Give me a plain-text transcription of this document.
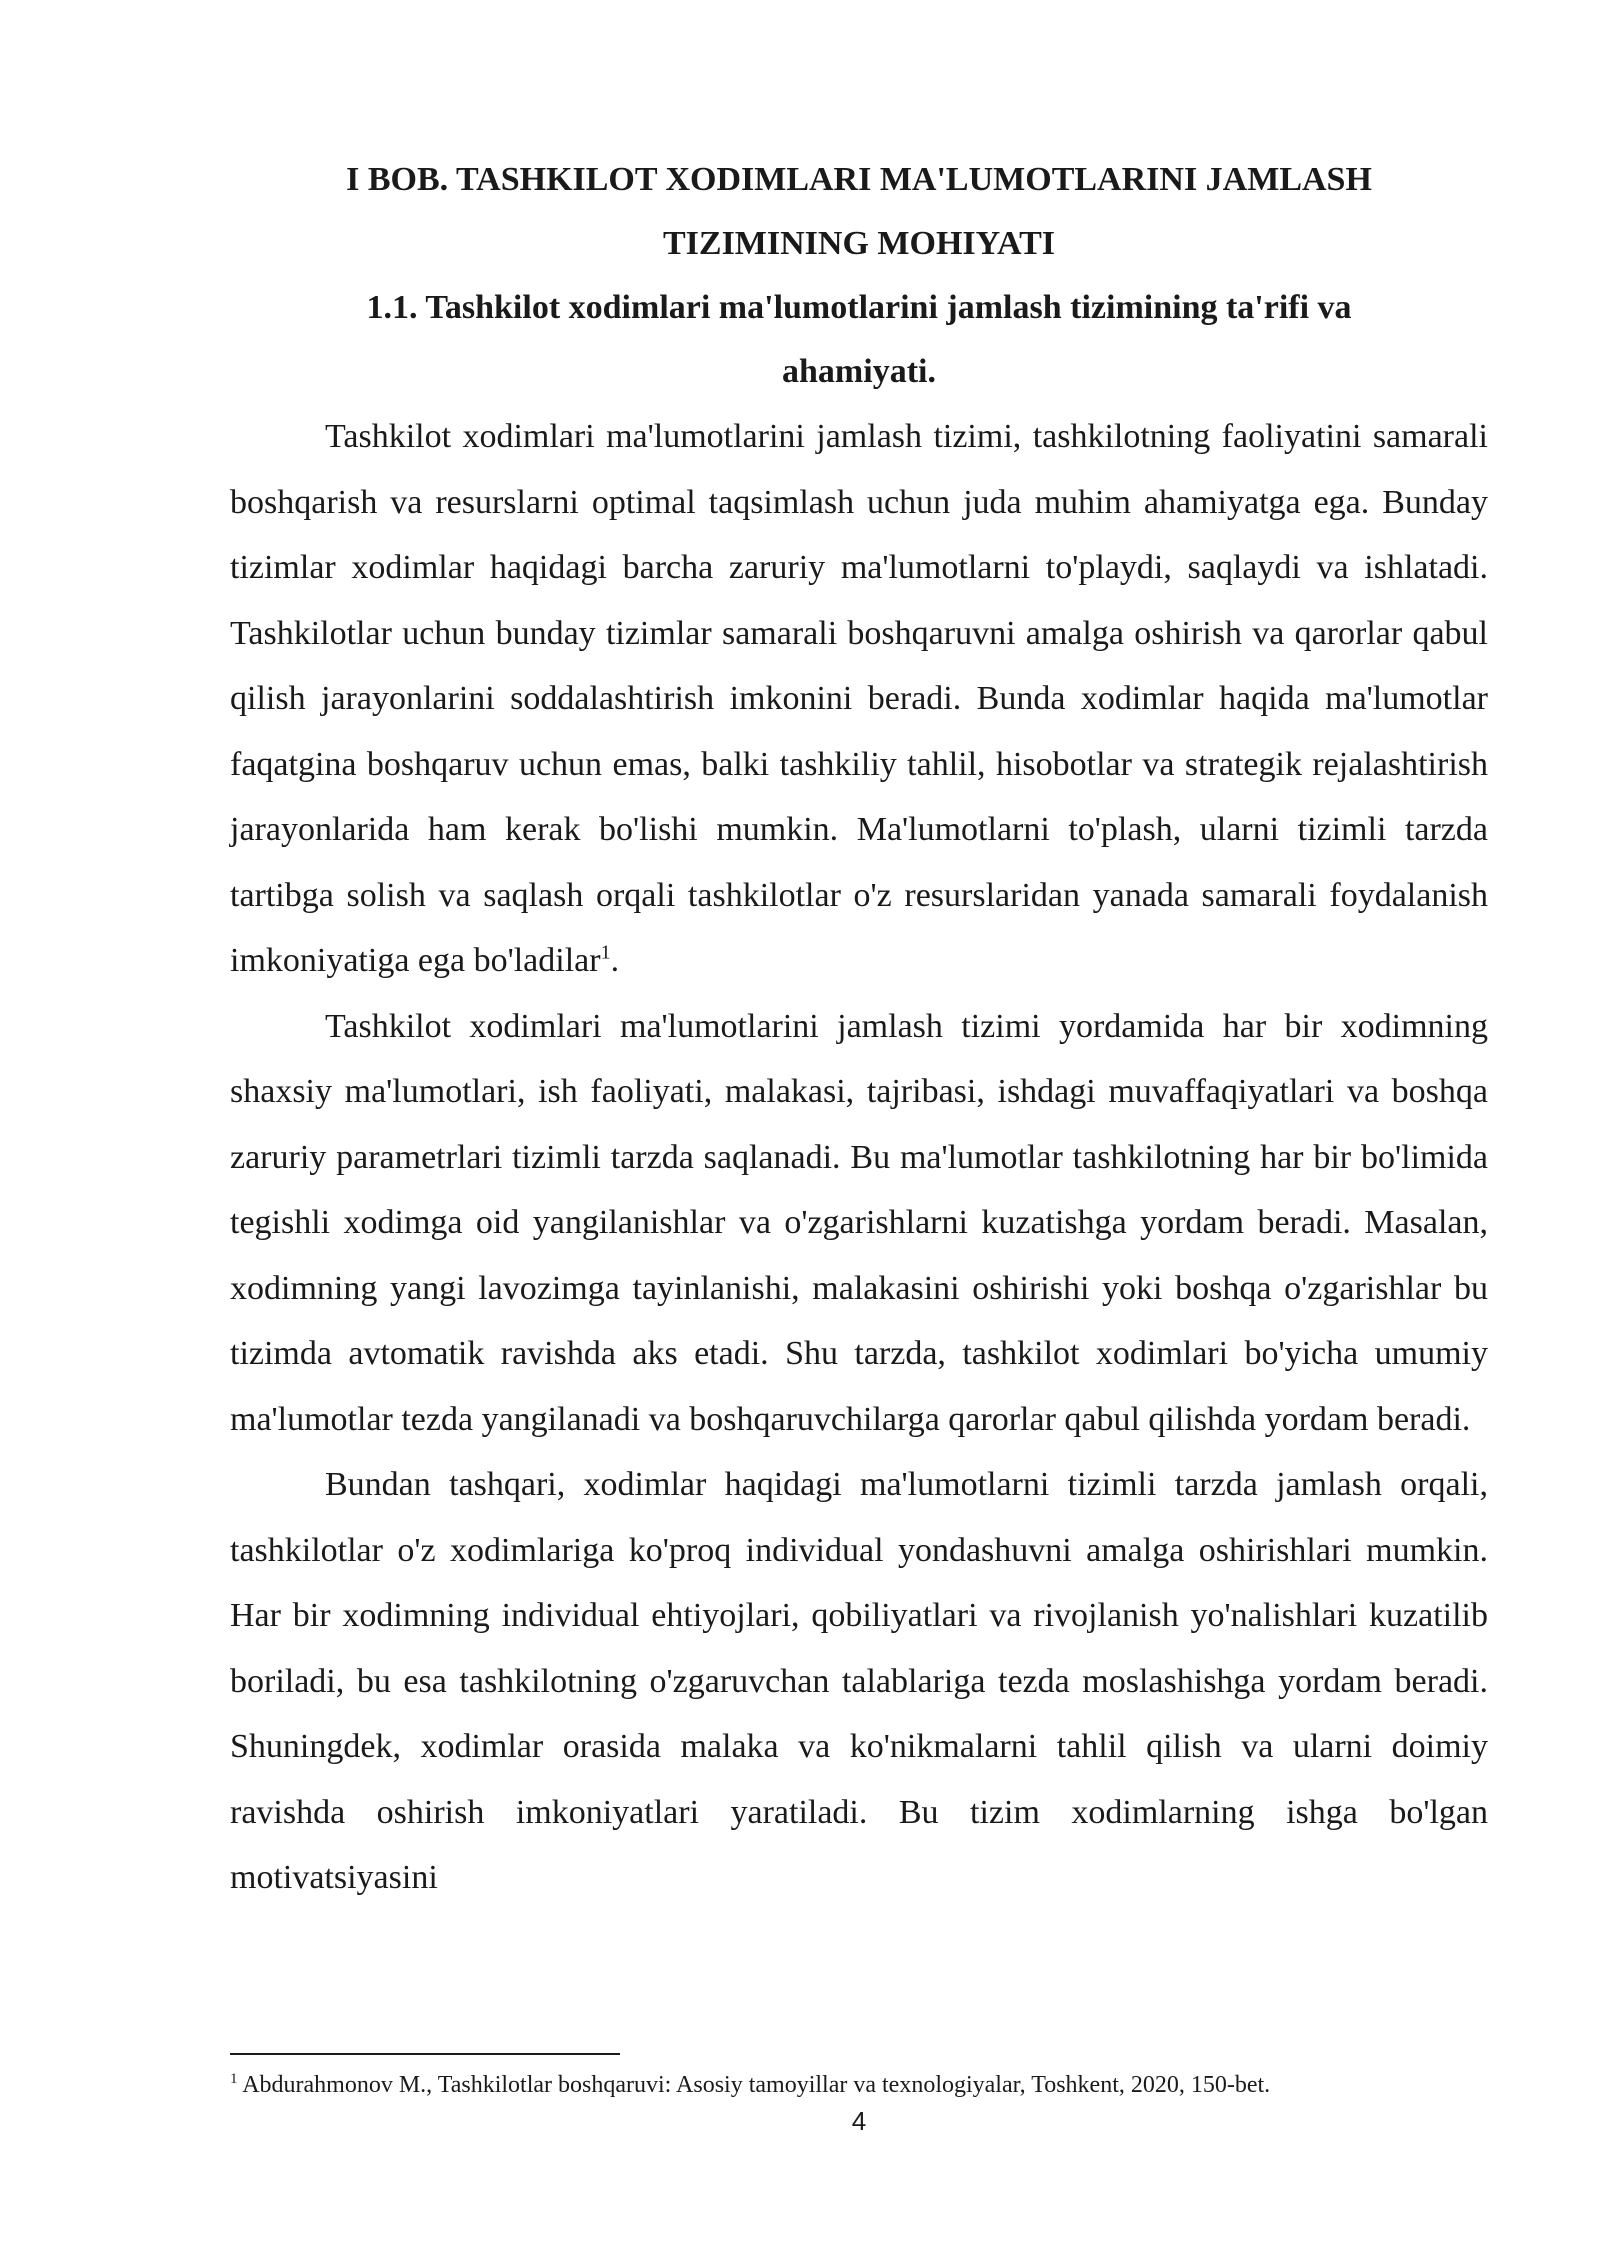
I BOB. TASHKILOT XODIMLARI MA'LUMOTLARINI JAMLASH TIZIMINING MOHIYATI
1.1. Tashkilot xodimlari ma'lumotlarini jamlash tizimining ta'rifi va ahamiyati.

Tashkilot xodimlari ma'lumotlarini jamlash tizimi, tashkilotning faoliyatini samarali boshqarish va resurslarni optimal taqsimlash uchun juda muhim ahamiyatga ega. Bunday tizimlar xodimlar haqidagi barcha zaruriy ma'lumotlarni to'playdi, saqlaydi va ishlatadi. Tashkilotlar uchun bunday tizimlar samarali boshqaruvni amalga oshirish va qarorlar qabul qilish jarayonlarini soddalashtirish imkonini beradi. Bunda xodimlar haqida ma'lumotlar faqatgina boshqaruv uchun emas, balki tashkiliy tahlil, hisobotlar va strategik rejalashtirish jarayonlarida ham kerak bo'lishi mumkin. Ma'lumotlarni to'plash, ularni tizimli tarzda tartibga solish va saqlash orqali tashkilotlar o'z resurslaridan yanada samarali foydalanish imkoniyatiga ega bo'ladilar$^1$.

Tashkilot xodimlari ma'lumotlarini jamlash tizimi yordamida har bir xodimning shaxsiy ma'lumotlari, ish faoliyati, malakasi, tajribasi, ishdagi muvaffaqiyatlari va boshqa zaruriy parametrlari tizimli tarzda saqlanadi. Bu ma'lumotlar tashkilotning har bir bo'limida tegishli xodimga oid yangilanishlar va o'zgarishlarni kuzatishga yordam beradi. Masalan, xodimning yangi lavozimga tayinlanishi, malakasini oshirishi yoki boshqa o'zgarishlar bu tizimda avtomatik ravishda aks etadi. Shu tarzda, tashkilot xodimlari bo'yicha umumiy ma'lumotlar tezda yangilanadi va boshqaruvchilarga qarorlar qabul qilishda yordam beradi.

Bundan tashqari, xodimlar haqidagi ma'lumotlarni tizimli tarzda jamlash orqali, tashkilotlar o'z xodimlariga ko'proq individual yondashuvni amalga oshirishlari mumkin. Har bir xodimning individual ehtiyojlari, qobiliyatlari va rivojlanish yo'nalishlari kuzatilib boriladi, bu esa tashkilotning o'zgaruvchan talablariga tezda moslashishga yordam beradi. Shuningdek, xodimlar orasida malaka va ko'nikmalarni tahlil qilish va ularni doimiy ravishda oshirish imkoniyatlari yaratiladi. Bu tizim xodimlarning ishga bo'lgan motivatsiyasini

$^1$ Abdurahmonov M., Tashkilotlar boshqaruvi: Asosiy tamoyillar va texnologiyalar, Toshkent, 2020, 150-bet.
4
